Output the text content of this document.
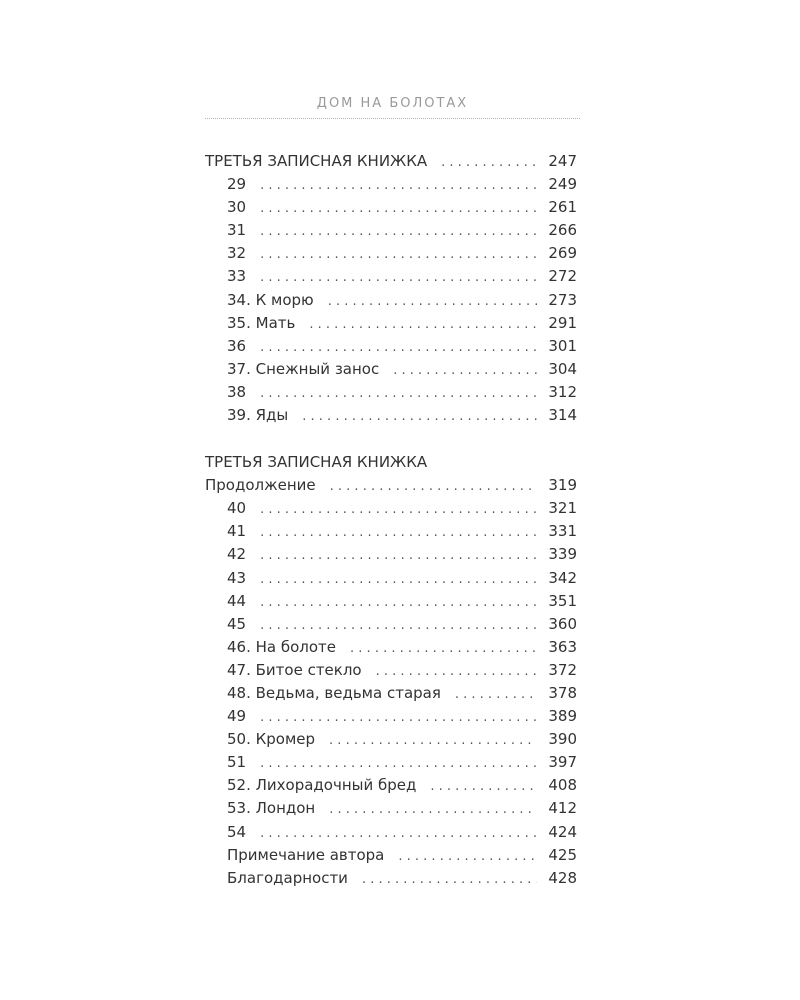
ДОМ НА БОЛОТАХ
ТРЕТЬЯ ЗАПИСНАЯ КНИЖКА . . .	247
29 . . .	249
30 . . .	261
31 . . .	266
32 . . .	269
33 . . .	272
34. К морю . . .	273
35. Мать . . .	291
36 . . .	301
37. Снежный занос . . .	304
38 . . .	312
39. Яды . . .	314
ТРЕТЬЯ ЗАПИСНАЯ КНИЖКА
Продолжение . . .	319
40 . . .	321
41 . . .	331
42 . . .	339
43 . . .	342
44 . . .	351
45 . . .	360
46. На болоте . . .	363
47. Битое стекло . . .	372
48. Ведьма, ведьма старая . . .	378
49 . . .	389
50. Кромер . . .	390
51 . . .	397
52. Лихорадочный бред . . .	408
53. Лондон . . .	412
54 . . .	424
Примечание автора . . .	425
Благодарности . . .	428
